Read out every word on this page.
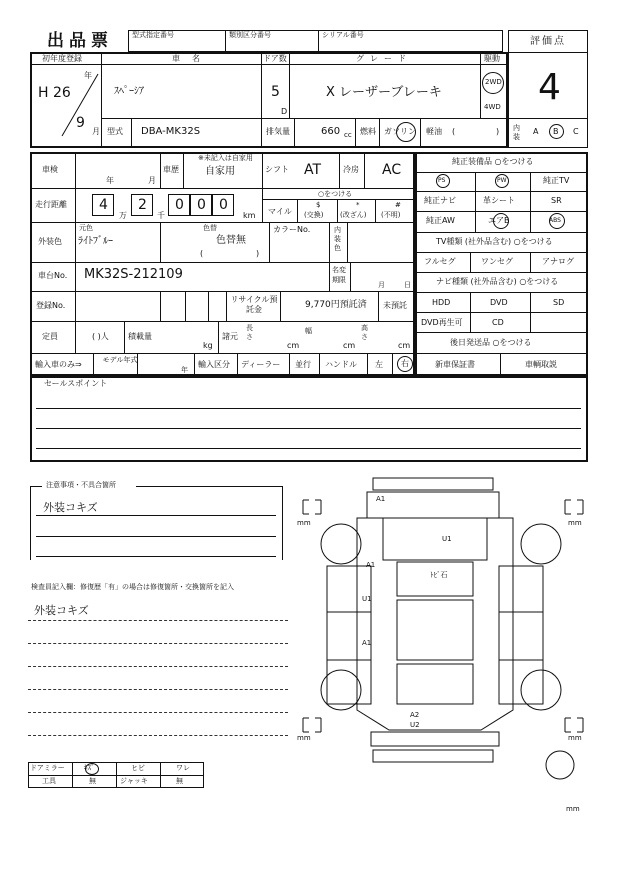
出品票	型式指定番号	類別区分番号	シリアル番号
評価点
4
内装
A B C
初年度登録
年
H 26
9
月
車名
ｽﾍﾟｰｼｱ
ドア数
5
D
グレード
X レーザーブレーキ
駆動
2WD
4WD
型式 DBA-MK32S	排気量	660 cc 燃料 ガソリン 軽油 (	)
車検
年	月
車歴
※未記入は自家用
自家用	シフト AT	冷房 AC
走行距離 4
万
2
千
0 0 0
km
○をつける
マイル
$
(交換)
*
(改ざん)
#
(不明)
外装色
元色
ﾗｲﾄﾌﾞﾙｰ
色替
色替無
(	)
カラーNo.	内装色
車台No. MK32S-212109	名変期限
月	日
登録No.
リサイクル預託金	9,770円預託済 未預託
定員	( )人 積載量
kg
諸元
長さ
cm
幅
cm
高さ
cm
輸入車のみ⇒	モデル年式
年
輸入区分 ディーラー 並行 ハンドル 左 右
純正装備品 ○をつける
PS	PW	純正TV
純正ナビ	革シート	SR
純正AW	エアB	ABS
TV種類 (社外品含む) ○をつける
フルセグ	ワンセグ	アナログ
ナビ種類 (社外品含む) ○をつける
HDD	DVD	SD
DVD再生可	CD
後日発送品 ○をつける
新車保証書	車輌取説
セールスポイント
注意事項・不具合箇所
外装コキズ
検査員記入欄：修復歴「有」の場合は修復箇所・交換箇所を記入
外装コキズ
ドアミラー	ｷｽﾞ	ヒビ	ワレ
工具	無	ジャッキ	無
A1
U1
A1
ﾄﾋﾞ石
U1
A1
A2
U2
mm	mm
mm	mm
mm
